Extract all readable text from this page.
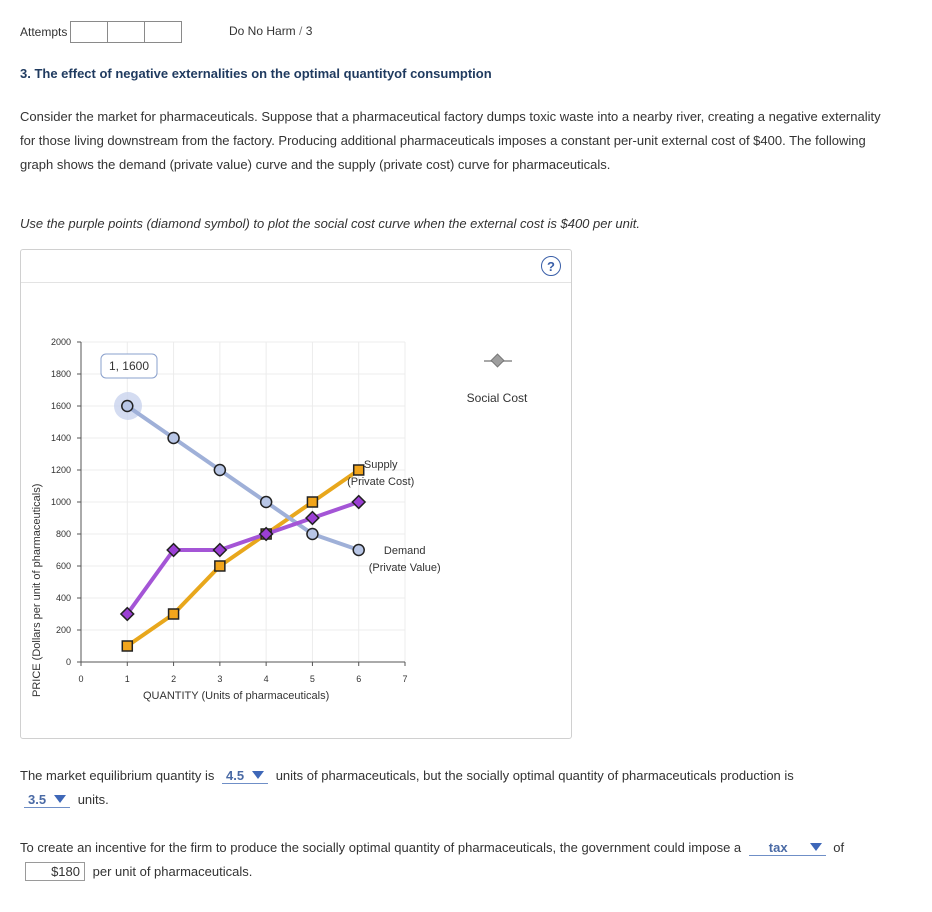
Attempts	Do No Harm / 3
3. The effect of negative externalities on the optimal quantityof consumption
Consider the market for pharmaceuticals. Suppose that a pharmaceutical factory dumps toxic waste into a nearby river, creating a negative externality
for those living downstream from the factory. Producing additional pharmaceuticals imposes a constant per-unit external cost of $400. The following
graph shows the demand (private value) curve and the supply (private cost) curve for pharmaceuticals.
Use the purple points (diamond symbol) to plot the social cost curve when the external cost is $400 per unit.
?
0
200
400
600
800
1000
1200
1400
1600
1800
2000
0	1	2	3	4	5	6	7
PRICE (Dollars per unit of pharmaceuticals)	QUANTITY (Units of pharmaceuticals)
1, 1600
Social Cost
Supply
(Private Cost)
Demand
(Private Value)
The market equilibrium quantity is 4.5 units of pharmaceuticals, but the socially optimal quantity of pharmaceuticals production is
3.5 units.
To create an incentive for the firm to produce the socially optimal quantity of pharmaceuticals, the government could impose a tax	of
$180 per unit of pharmaceuticals.
